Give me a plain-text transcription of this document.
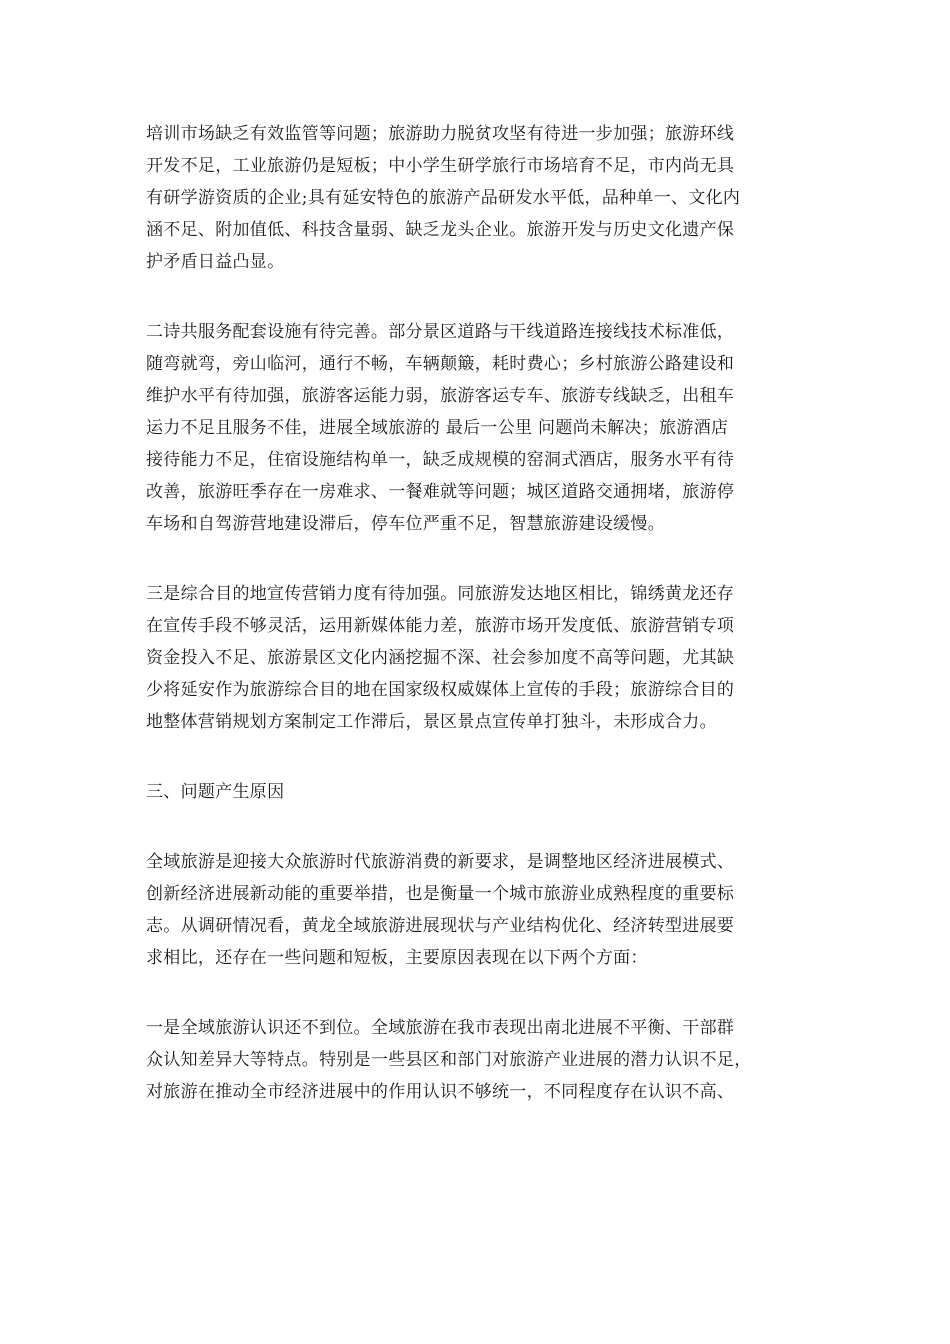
培训市场缺乏有效监管等问题；旅游助力脱贫攻坚有待进一步加强；旅游环线
开发不足，工业旅游仍是短板；中小学生研学旅行市场培育不足，市内尚无具
有研学游资质的企业;具有延安特色的旅游产品研发水平低，品种单一、文化内
涵不足、附加值低、科技含量弱、缺乏龙头企业。旅游开发与历史文化遗产保
护矛盾日益凸显。
二诗共服务配套设施有待完善。部分景区道路与干线道路连接线技术标准低，
随弯就弯，旁山临河，通行不畅，车辆颠簸，耗时费心；乡村旅游公路建设和
维护水平有待加强，旅游客运能力弱，旅游客运专车、旅游专线缺乏，出租车
运力不足且服务不佳，进展全域旅游的 最后一公里 问题尚未解决；旅游酒店
接待能力不足，住宿设施结构单一，缺乏成规模的窑洞式酒店，服务水平有待
改善，旅游旺季存在一房难求、一餐难就等问题；城区道路交通拥堵，旅游停
车场和自驾游营地建设滞后，停车位严重不足，智慧旅游建设缓慢。
三是综合目的地宣传营销力度有待加强。同旅游发达地区相比，锦绣黄龙还存
在宣传手段不够灵活，运用新媒体能力差，旅游市场开发度低、旅游营销专项
资金投入不足、旅游景区文化内涵挖掘不深、社会参加度不高等问题，尤其缺
少将延安作为旅游综合目的地在国家级权威媒体上宣传的手段；旅游综合目的
地整体营销规划方案制定工作滞后，景区景点宣传单打独斗，未形成合力。
三、问题产生原因
全域旅游是迎接大众旅游时代旅游消费的新要求，是调整地区经济进展模式、
创新经济进展新动能的重要举措，也是衡量一个城市旅游业成熟程度的重要标
志。从调研情况看，黄龙全域旅游进展现状与产业结构优化、经济转型进展要
求相比，还存在一些问题和短板，主要原因表现在以下两个方面：
一是全域旅游认识还不到位。全域旅游在我市表现出南北进展不平衡、干部群
众认知差异大等特点。特别是一些县区和部门对旅游产业进展的潜力认识不足，
对旅游在推动全市经济进展中的作用认识不够统一，不同程度存在认识不高、
